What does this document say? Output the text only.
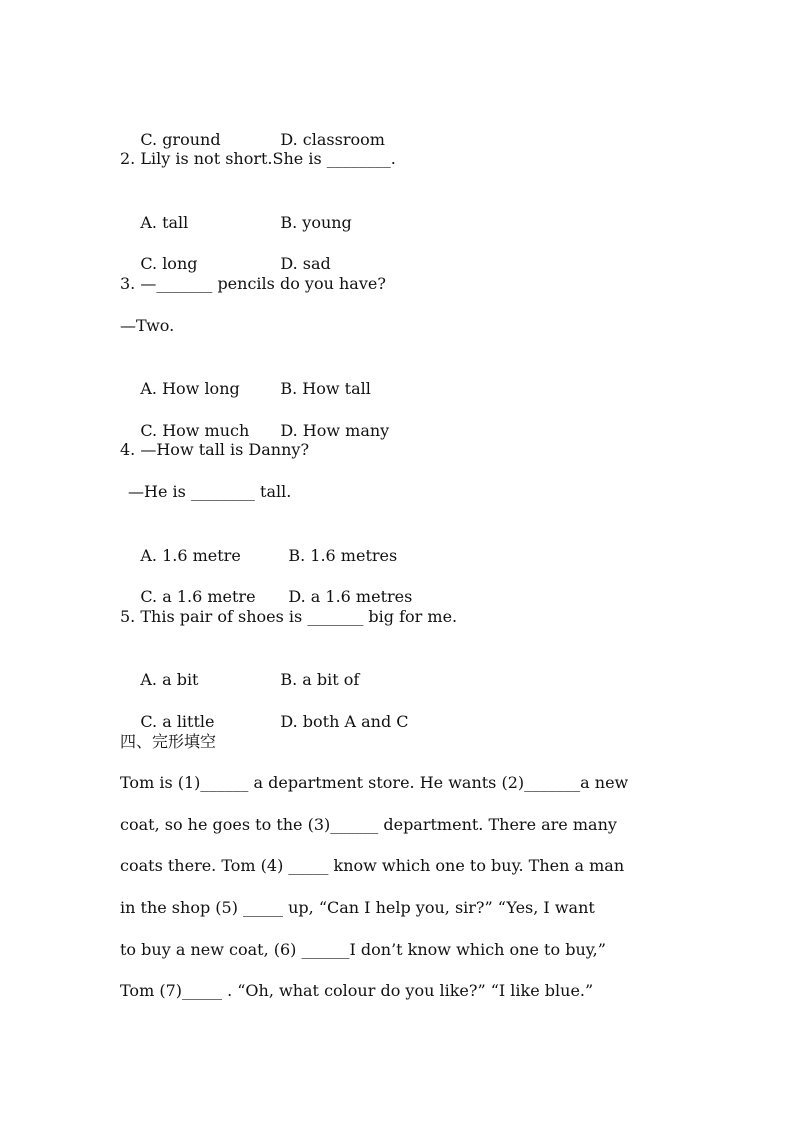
C. ground	D. classroom

2. Lily is not short.She is ________.

A. tall	B. young

C. long	D. sad

3. —_______ pencils do you have?
—Two.

A. How long	B. How tall

C. How much D. How many

4. —How tall is Danny?
—He is ________ tall.

A. 1.6 metre	B. 1.6 metres

C. a 1.6 metre D. a 1.6 metres

5. This pair of shoes is _______ big for me.

A. a bit	B. a bit of

C. a little	D. both A and C

四、完形填空
Tom is (1)______ a department store. He wants (2)_______a new
coat, so he goes to the (3)______ department. There are many
coats there. Tom (4) _____ know which one to buy. Then a man
in the shop (5) _____ up, “Can I help you, sir?” “Yes, I want
to buy a new coat, (6) ______I don’t know which one to buy,”
Tom (7)_____ . “Oh, what colour do you like?” “I like blue.”
